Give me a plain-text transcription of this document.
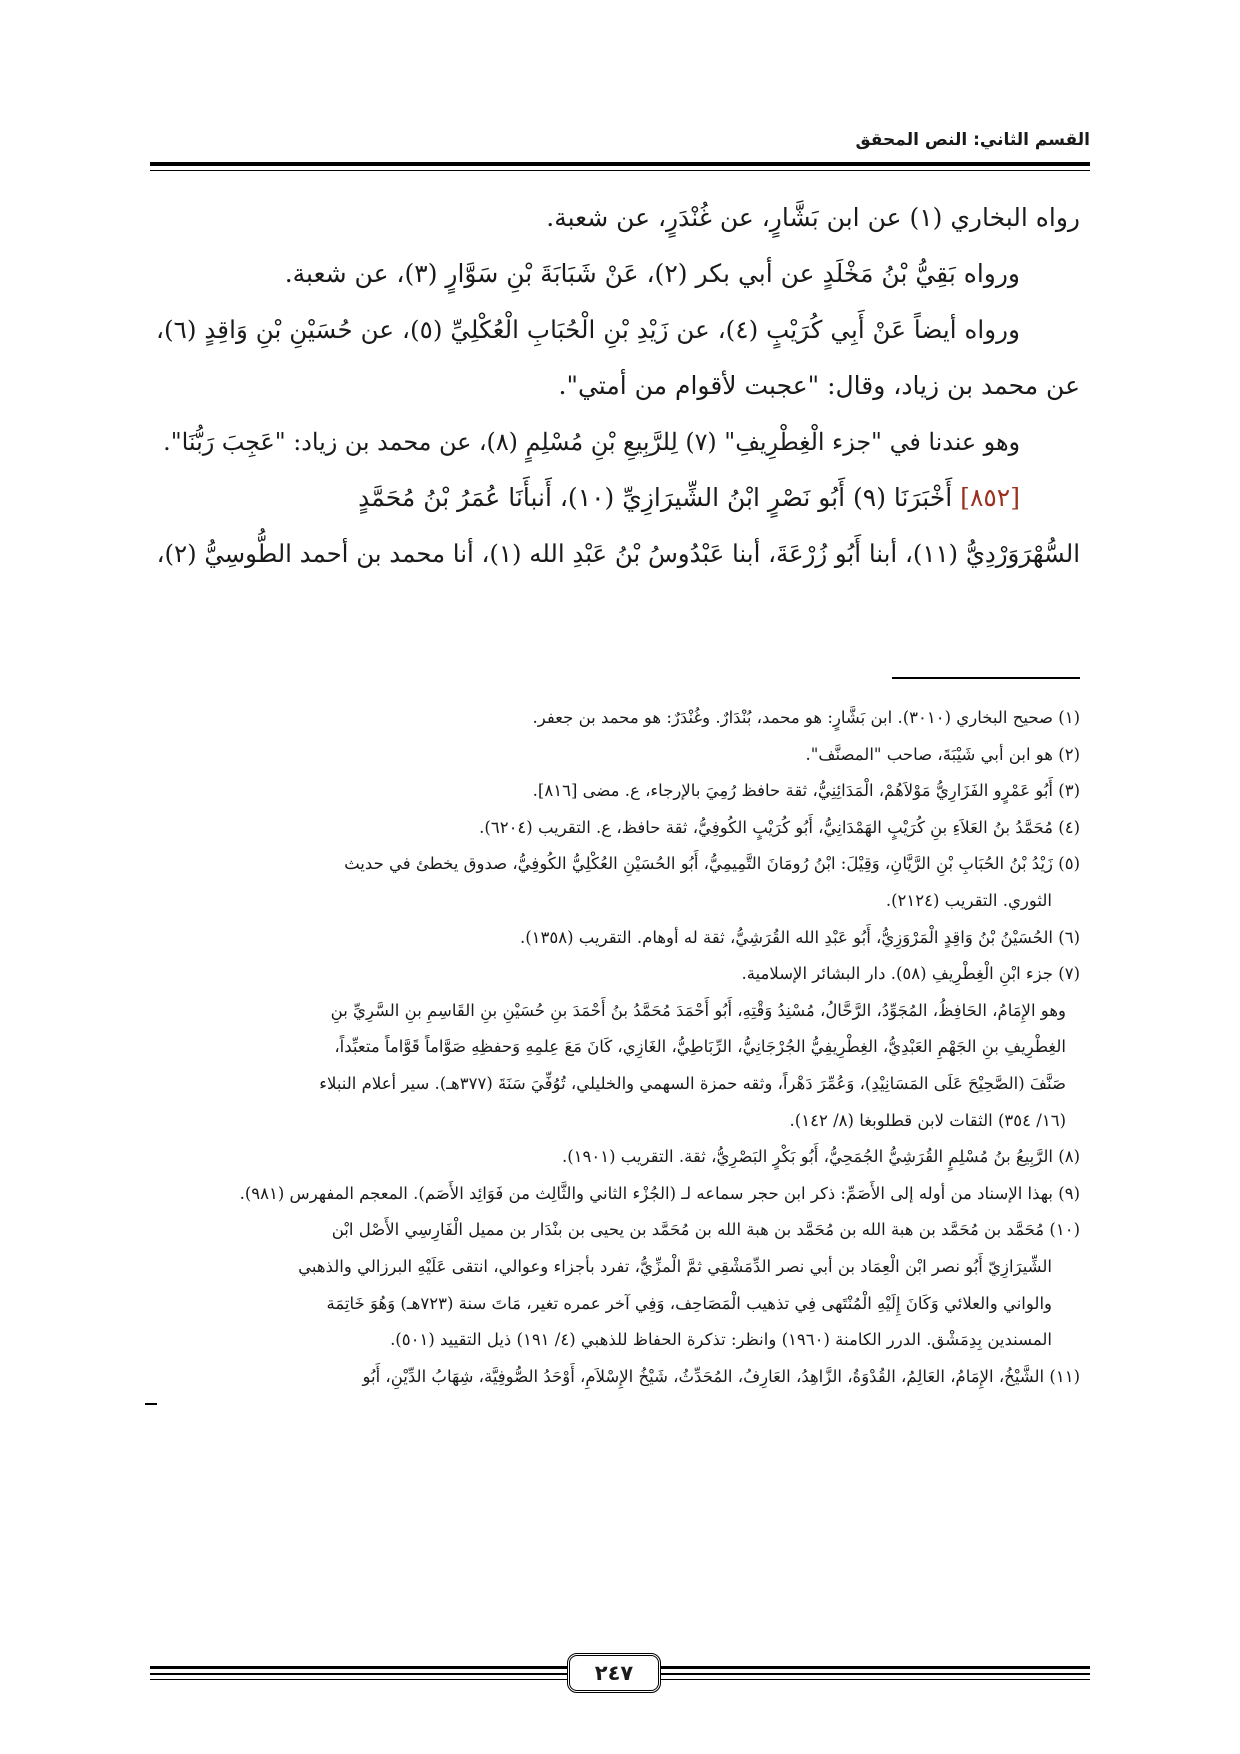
القسم الثاني: النص المحقق

رواه البخاري (١) عن ابن بَشَّارٍ، عن غُنْدَرٍ، عن شعبة.

ورواه بَقِيُّ بْنُ مَخْلَدٍ عن أبي بكر (٢)، عَنْ شَبَابَةَ بْنِ سَوَّارٍ (٣)، عن شعبة.

ورواه أيضاً عَنْ أَبِي كُرَيْبٍ (٤)، عن زَيْدِ بْنِ الْحُبَابِ الْعُكْلِيِّ (٥)، عن حُسَيْنِ بْنِ وَاقِدٍ (٦)،

عن محمد بن زياد، وقال: "عجبت لأقوام من أمتي".

وهو عندنا في "جزء الْغِطْرِيفِ" (٧) لِلرَّبِيعِ بْنِ مُسْلِمٍ (٨)، عن محمد بن زياد: "عَجِبَ رَبُّنَا".

[٨٥٢] أَخْبَرَنَا (٩) أَبُو نَصْرٍ ابْنُ الشِّيرَازِيِّ (١٠)، أَنبأَنَا عُمَرُ بْنُ مُحَمَّدٍ

السُّهْرَوَرْدِيُّ (١١)، أبنا أَبُو زُرْعَةَ، أبنا عَبْدُوسُ بْنُ عَبْدِ الله (١)، أنا محمد بن أحمد الطُّوسِيُّ (٢)،

(١) صحيح البخاري (٣٠١٠). ابن بَشَّارٍ: هو محمد، بُنْدَارٌ. وغُنْدَرٌ: هو محمد بن جعفر.

(٢) هو ابن أبي شَيْبَةَ، صاحب "المصنَّف".

(٣) أَبُو عَمْرٍو الفَزَارِيُّ مَوْلاَهُمْ، الْمَدَائِنِيُّ، ثقة حافظ رُمِيَ بالإرجاء، ع. مضى [٨١٦].

(٤) مُحَمَّدُ بنُ العَلاَءِ بنِ كُرَيْبٍ الهَمْدَانِيُّ، أَبُو كُرَيْبٍ الكُوفِيُّ، ثقة حافظ، ع. التقريب (٦٢٠٤).

(٥) زَيْدُ بْنُ الحُبَابِ بْنِ الرَّيَّانِ، وَقِيْلَ: ابْنُ رُومَانَ التَّمِيمِيُّ، أَبُو الحُسَيْنِ العُكْلِيُّ الكُوفِيُّ، صدوق يخطئ في حديث

الثوري. التقريب (٢١٢٤).

(٦) الحُسَيْنُ بْنُ وَاقِدٍ الْمَرْوَزِيُّ، أَبُو عَبْدِ الله القُرَشِيُّ، ثقة له أوهام. التقريب (١٣٥٨).

(٧) جزء ابْنِ الْغِطْرِيفِ (٥٨). دار البشائر الإسلامية.

وهو الإِمَامُ، الحَافِظُ، المُجَوِّدُ، الرَّحَّالُ، مُسْنِدُ وَقْتِهِ، أَبُو أَحْمَدَ مُحَمَّدُ بنُ أَحْمَدَ بنِ حُسَيْنِ بنِ القَاسِمِ بنِ السَّرِيِّ بنِ

الغِطْرِيفِ بنِ الجَهْمِ العَبْدِيُّ، الغِطْرِيفِيُّ الجُرْجَانِيُّ، الرِّبَاطِيُّ، الغَازِي، كَانَ مَعَ عِلمِهِ وَحفظِهِ صَوَّاماً قَوَّاماً متعبِّداً،

صَنَّفَ (الصَّحِيْحَ عَلَى المَسَانِيْدِ)، وَعُمِّرَ دَهْراً، وثقه حمزة السهمي والخليلي، تُوُفِّيَ سَنَةَ (٣٧٧هـ). سير أعلام النبلاء

(١٦/ ٣٥٤) الثقات لابن قطلوبغا (٨/ ١٤٢).

(٨) الرَّبِيعُ بنُ مُسْلِمٍ القُرَشِيُّ الجُمَحِيُّ، أَبُو بَكْرٍ البَصْرِيُّ، ثقة. التقريب (١٩٠١).

(٩) بهذا الإسناد من أوله إلى الأَصَمِّ: ذكر ابن حجر سماعه لـ (الجُزْء الثاني والثَّالِث من فَوَائِد الأَصَم). المعجم المفهرس (٩٨١).

(١٠) مُحَمَّد بن مُحَمَّد بن هبة الله بن مُحَمَّد بن هبة الله بن مُحَمَّد بن يحيى بن بنْدَار بن مميل الْفَارِسِي الأَصْل ابْن

الشِّيرَازِيّ أَبُو نصر ابْن الْعِمَاد بن أبي نصر الدِّمَشْقِي ثمَّ الْمزِّيُّ، تفرد بأجزاء وعوالي، انتقى عَلَيْهِ البرزالي والذهبي

والواني والعلائي وَكَانَ إِلَيْهِ الْمُنْتَهى فِي تذهيب الْمَصَاحِف، وَفِي آخر عمره تغير، مَاتَ سنة (٧٢٣هـ) وَهُوَ خَاتِمَة

المسندين بِدِمَشْق. الدرر الكامنة (١٩٦٠) وانظر: تذكرة الحفاظ للذهبي (٤/ ١٩١) ذيل التقييد (٥٠١).

(١١) الشَّيْخُ، الإِمَامُ، العَالِمُ، القُدْوَةُ، الزَّاهِدُ، العَارِفُ، المُحَدِّثُ، شَيْخُ الإِسْلاَمِ، أَوْحَدُ الصُّوفِيَّة، شِهَابُ الدِّيْنِ، أَبُو

٢٤٧
